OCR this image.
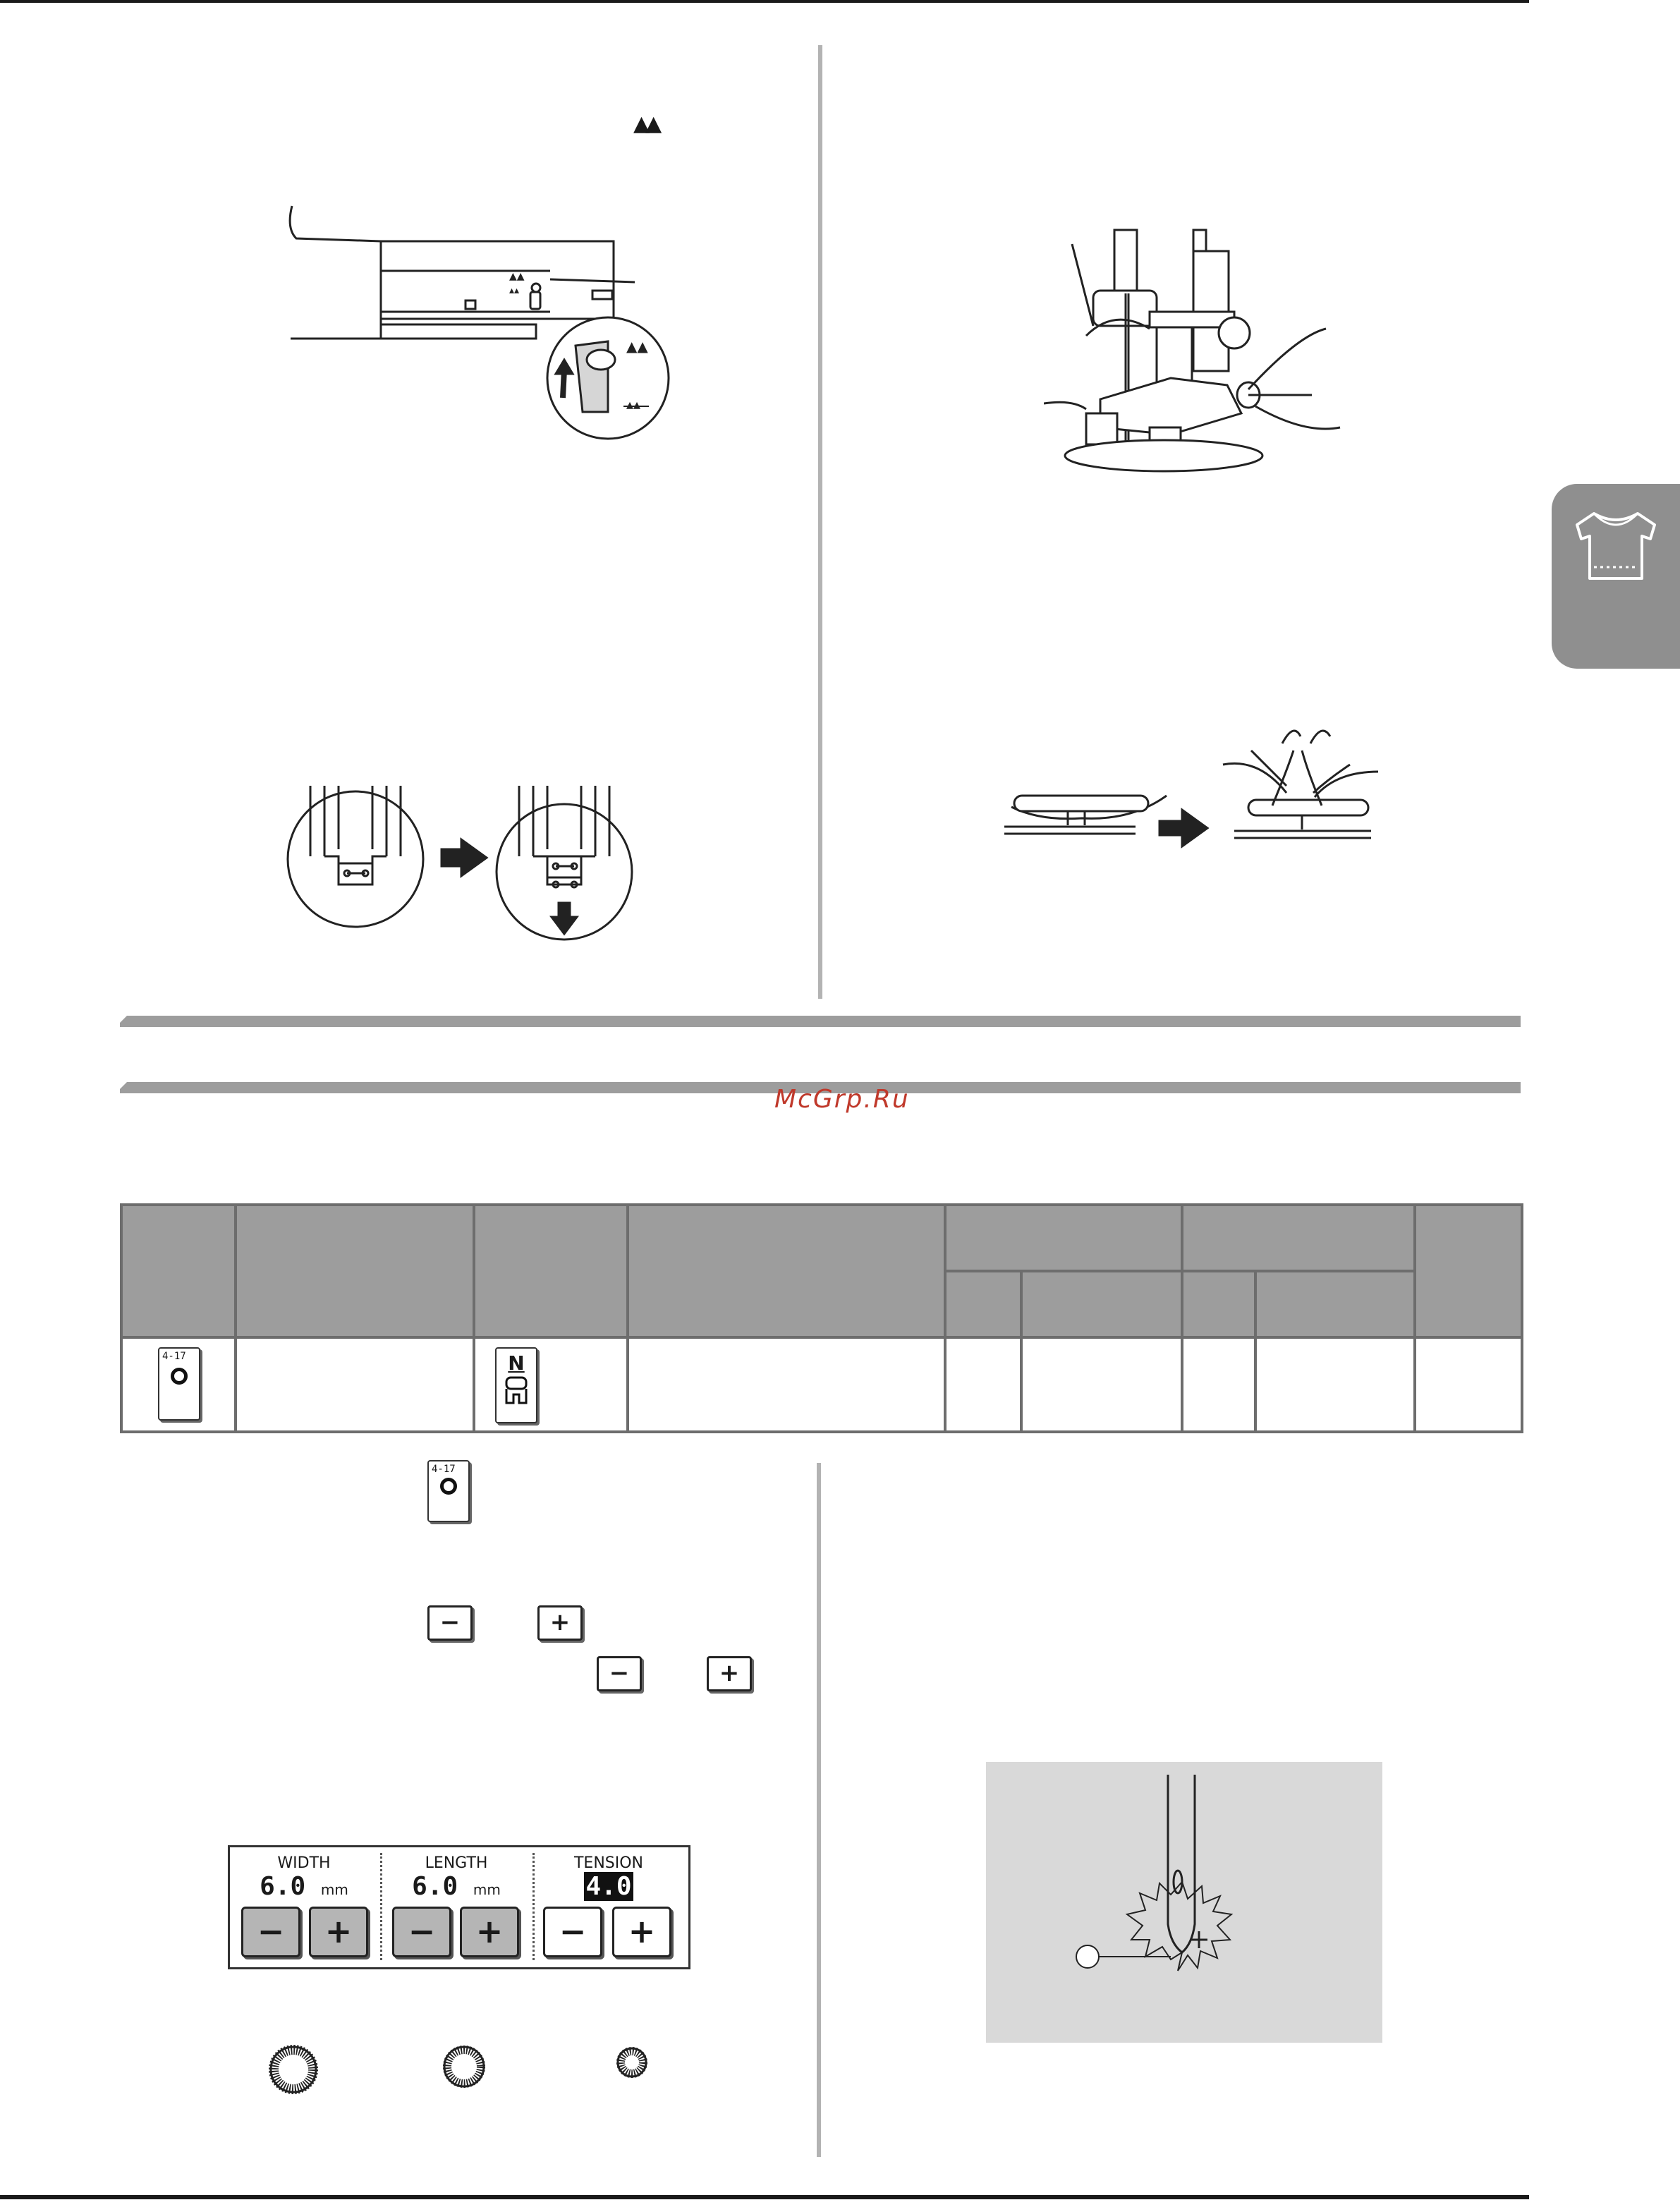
▲▲
▲▲
▴▴
▲▲
▴▴
McGrp.Ru

4-17		N						

4-17
−	+
−	+
WIDTH
6.0 mm
−	+
LENGTH
6.0 mm
−	+
TENSION
4.0
−	+
